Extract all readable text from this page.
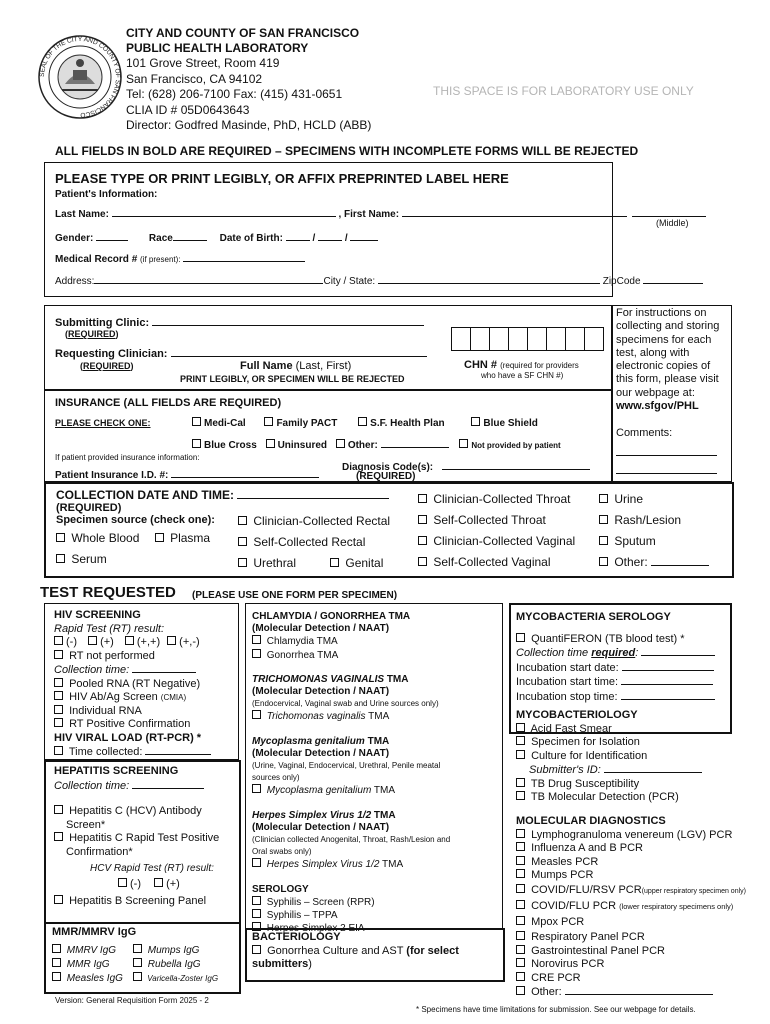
SEAL OF THE CITY AND COUNTY OF SAN FRANCISCO
CITY AND COUNTY OF SAN FRANCISCO
PUBLIC HEALTH LABORATORY
101 Grove Street, Room 419
San Francisco, CA 94102
Tel: (628) 206-7100 Fax: (415) 431-0651
CLIA ID # 05D0643643
Director: Godfred Masinde, PhD, HCLD (ABB)
THIS SPACE IS FOR LABORATORY USE ONLY
ALL FIELDS IN BOLD ARE REQUIRED – SPECIMENS WITH INCOMPLETE FORMS WILL BE REJECTED
PLEASE TYPE OR PRINT LEGIBLY, OR AFFIX PREPRINTED LABEL HERE
Patient's Information:
Last Name:	, First Name:
(Middle)
Gender:	Race	Date of Birth:	/  /
Medical Record # (if present):
Address:	City / State:	ZipCode
Submitting Clinic:
(REQUIRED)
Requesting Clinician:
(REQUIRED)	Full Name (Last, First)
PRINT LEGIBLY, OR SPECIMEN WILL BE REJECTED
CHN # (required for providers
who have a SF CHN #)
For instructions on
collecting and storing
specimens for each
test, along with
electronic copies of
this form, please visit
our webpage at:
www.sfgov/PHL
Comments:
INSURANCE (ALL FIELDS ARE REQUIRED)
PLEASE CHECK ONE:	Medi-Cal	Family PACT	S.F. Health Plan	Blue Shield
Blue Cross Uninsured Other:	Not provided by patient
If patient provided insurance information:
Patient Insurance I.D. #:
Diagnosis Code(s):
(REQUIRED)
COLLECTION DATE AND TIME:
(REQUIRED)
Specimen source (check one):
Whole Blood	Plasma
Serum
Clinician-Collected Rectal
Self-Collected Rectal
Urethral	Genital
Clinician-Collected Throat
Self-Collected Throat
Clinician-Collected Vaginal
Self-Collected Vaginal
Urine
Rash/Lesion
Sputum
Other:
TEST REQUESTED (PLEASE USE ONE FORM PER SPECIMEN)
HIV SCREENING
Rapid Test (RT) result:
(-) (+) (+,+) (+,-)
RT not performed
Collection time:
Pooled RNA (RT Negative)
HIV Ab/Ag Screen (CMIA)
Individual RNA
RT Positive Confirmation
HIV VIRAL LOAD (RT-PCR) *
Time collected:
HEPATITIS SCREENING
Collection time:
Hepatitis C (HCV) Antibody
Screen*
Hepatitis C Rapid Test Positive
Confirmation*
HCV Rapid Test (RT) result:
(-) (+)
Hepatitis B Screening Panel
MMR/MMRV IgG
MMRV IgG
MMR IgG
Measles IgG
Mumps IgG
Rubella IgG
Varicella-Zoster IgG
Version: General Requisition Form 2025 - 2
CHLAMYDIA / GONORRHEA TMA
(Molecular Detection / NAAT)
Chlamydia TMA
Gonorrhea TMA
TRICHOMONAS VAGINALIS TMA
(Molecular Detection / NAAT)
(Endocervical, Vaginal swab and Urine sources only)
Trichomonas vaginalis TMA
Mycoplasma genitalium TMA
(Molecular Detection / NAAT)
(Urine, Vaginal, Endocervical, Urethral, Penile meatal
sources only)
Mycoplasma genitalium TMA
Herpes Simplex Virus 1/2 TMA
(Molecular Detection / NAAT)
(Clinician collected Anogenital, Throat, Rash/Lesion and
Oral swabs only)
Herpes Simplex Virus 1/2 TMA
SEROLOGY
Syphilis – Screen (RPR)
Syphilis – TPPA
Herpes Simplex 2 EIA
BACTERIOLOGY
Gonorrhea Culture and AST (for select
submitters)
MYCOBACTERIA SEROLOGY
QuantiFERON (TB blood test) *
Collection time required:
Incubation start date:
Incubation start time:
Incubation stop time:
MYCOBACTERIOLOGY
Acid Fast Smear
Specimen for Isolation
Culture for Identification
Submitter's ID:
TB Drug Susceptibility
TB Molecular Detection (PCR)
MOLECULAR DIAGNOSTICS
Lymphogranuloma venereum (LGV) PCR
Influenza A and B PCR
Measles PCR
Mumps PCR
COVID/FLU/RSV PCR(upper respiratory specimen only)
COVID/FLU PCR (lower respiratory specimens only)
Mpox PCR
Respiratory Panel PCR
Gastrointestinal Panel PCR
Norovirus PCR
CRE PCR
Other:
* Specimens have time limitations for submission. See our webpage for details.
